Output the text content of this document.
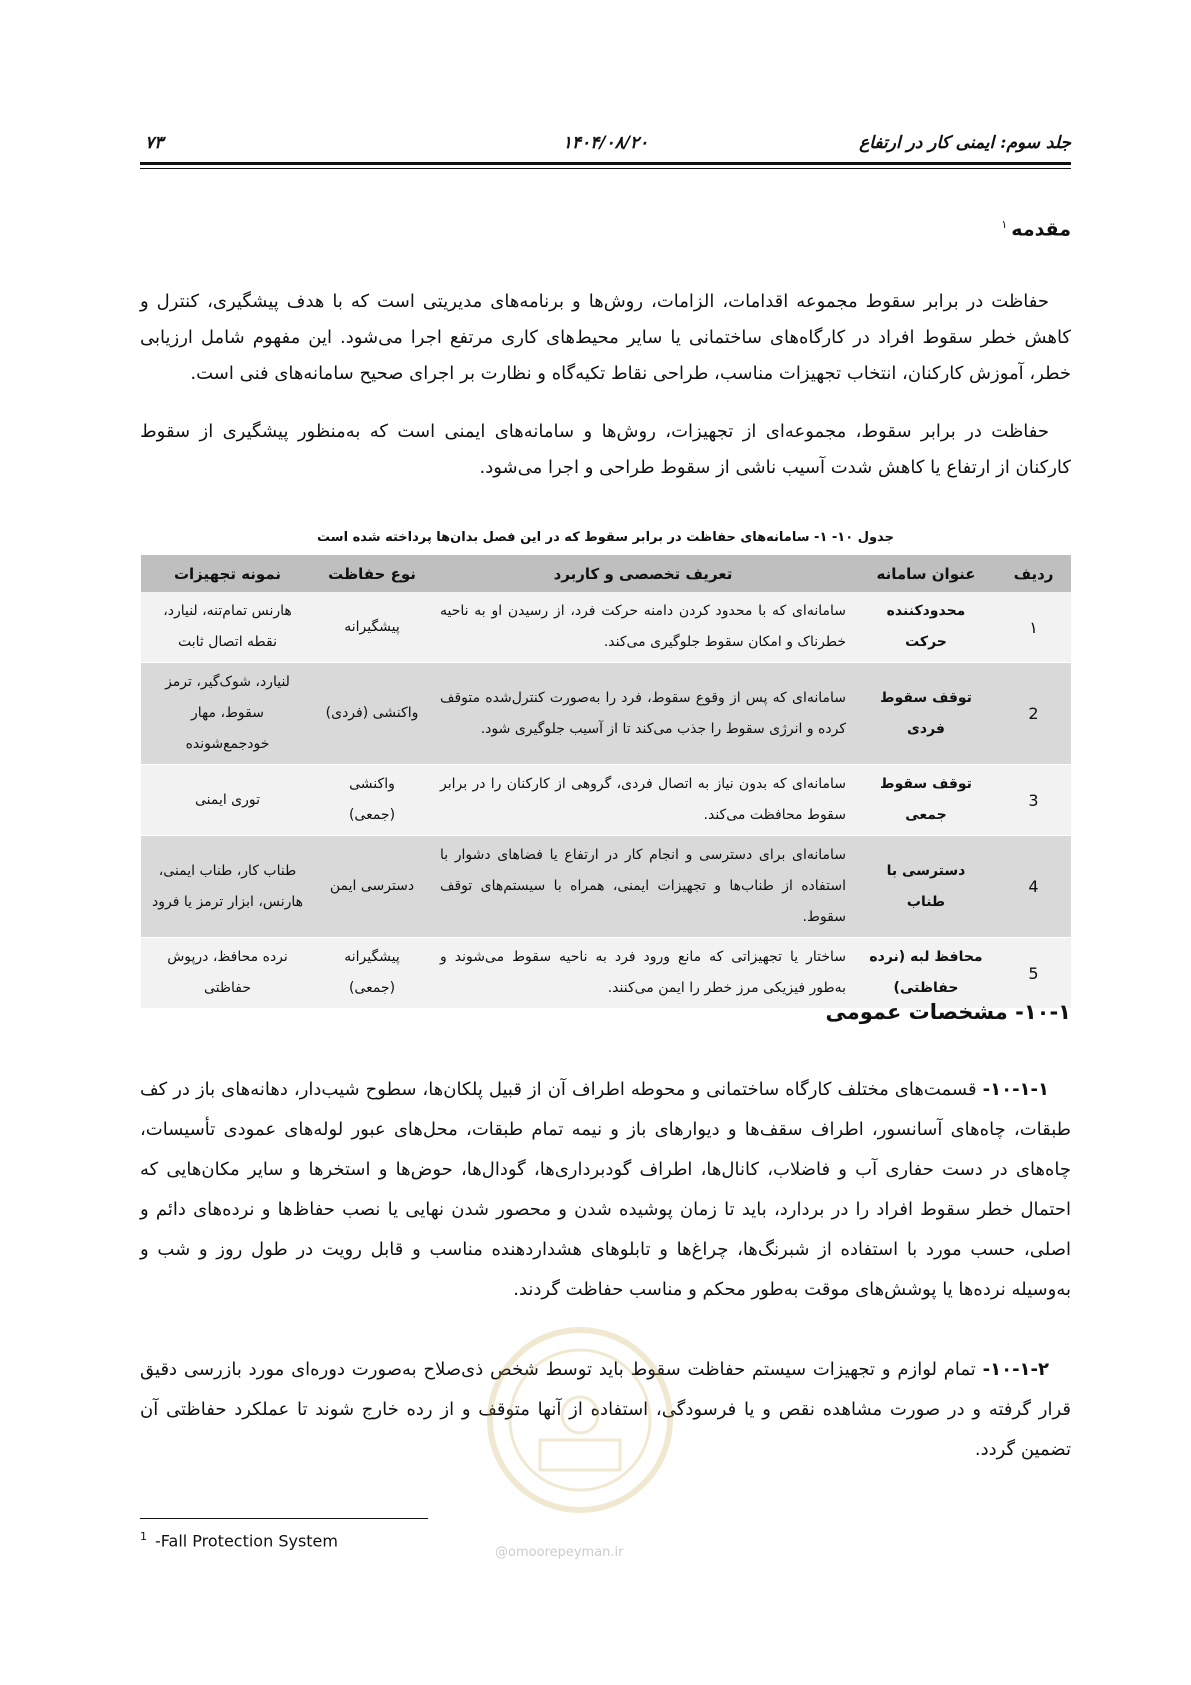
جلد سوم: ایمنی کار در ارتفاع
۱۴۰۴/۰۸/۲۰
۷۳
مقدمه$^۱$
حفاظت در برابر سقوط مجموعه اقدامات، الزامات، روش‌ها و برنامه‌های مدیریتی است که با هدف پیشگیری، کنترل و کاهش خطر سقوط افراد در کارگاه‌های ساختمانی یا سایر محیط‌های کاری مرتفع اجرا می‌شود. این مفهوم شامل ارزیابی خطر، آموزش کارکنان، انتخاب تجهیزات مناسب، طراحی نقاط تکیه‌گاه و نظارت بر اجرای صحیح سامانه‌های فنی است.
حفاظت در برابر سقوط، مجموعه‌ای از تجهیزات، روش‌ها و سامانه‌های ایمنی است که به‌منظور پیشگیری از سقوط کارکنان از ارتفاع یا کاهش شدت آسیب ناشی از سقوط طراحی و اجرا می‌شود.
جدول ۱۰- ۱- سامانه‌های حفاظت در برابر سقوط که در این فصل بدان‌ها پرداخته شده است
ردیف	عنوان سامانه	تعریف تخصصی و کاربرد	نوع حفاظت	نمونه تجهیزات
۱	محدودکننده حرکت	سامانه‌ای که با محدود کردن دامنه حرکت فرد، از رسیدن او به ناحیه خطرناک و امکان سقوط جلوگیری می‌کند.	پیشگیرانه	هارنس تمام‌تنه، لنیارد، نقطه اتصال ثابت
2	توقف سقوط فردی	سامانه‌ای که پس از وقوع سقوط، فرد را به‌صورت کنترل‌شده متوقف کرده و انرژی سقوط را جذب می‌کند تا از آسیب جلوگیری شود.	واکنشی (فردی)	لنیارد، شوک‌گیر، ترمز سقوط، مهار خودجمع‌شونده
3	توقف سقوط جمعی	سامانه‌ای که بدون نیاز به اتصال فردی، گروهی از کارکنان را در برابر سقوط محافظت می‌کند.	واکنشی (جمعی)	توری ایمنی
4	دسترسی با طناب	سامانه‌ای برای دسترسی و انجام کار در ارتفاع یا فضاهای دشوار با استفاده از طناب‌ها و تجهیزات ایمنی، همراه با سیستم‌های توقف سقوط.	دسترسی ایمن	طناب کار، طناب ایمنی، هارنس، ابزار ترمز یا فرود
5	محافظ لبه (نرده حفاظتی)	ساختار یا تجهیزاتی که مانع ورود فرد به ناحیه سقوط می‌شوند و به‌طور فیزیکی مرز خطر را ایمن می‌کنند.	پیشگیرانه (جمعی)	نرده محافظ، درپوش حفاظتی
۱۰-۱- مشخصات عمومی
۱۰-۱-۱- قسمت‌های مختلف کارگاه ساختمانی و محوطه اطراف آن از قبیل پلکان‌ها، سطوح شیب‌دار، دهانه‌های باز در کف طبقات، چاه‌های آسانسور، اطراف سقف‌ها و دیوارهای باز و نیمه تمام طبقات، محل‌های عبور لوله‌های عمودی تأسیسات، چاه‌های در دست حفاری آب و فاضلاب، کانال‌ها، اطراف گودبرداری‌ها، گودال‌ها، حوض‌ها و استخرها و سایر مکان‌هایی که احتمال خطر سقوط افراد را در بردارد، باید تا زمان پوشیده شدن و محصور شدن نهایی یا نصب حفاظ‌ها و نرده‌های دائم و اصلی، حسب مورد با استفاده از شبرنگ‌ها، چراغ‌ها و تابلوهای هشداردهنده مناسب و قابل رویت در طول روز و شب و به‌وسیله نرده‌ها یا پوشش‌های موقت به‌طور محکم و مناسب حفاظت گردند.
۱۰-۱-۲- تمام لوازم و تجهیزات سیستم حفاظت سقوط باید توسط شخص ذی‌صلاح به‌صورت دوره‌ای مورد بازرسی دقیق قرار گرفته و در صورت مشاهده نقص و یا فرسودگی، استفاده از آنها متوقف و از رده خارج شوند تا عملکرد حفاظتی آن تضمین گردد.
@omoorepeyman.ir
$^1$ -Fall Protection System
